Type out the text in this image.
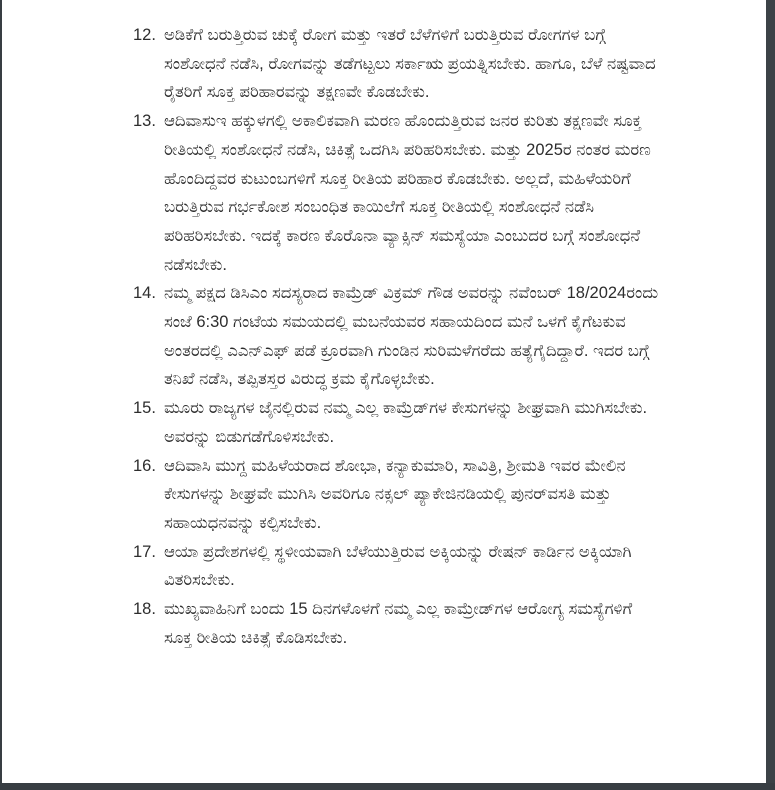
12. ಅಡಿಕೆಗೆ ಬರುತ್ತಿರುವ ಚುಕ್ಕೆ ರೋಗ ಮತ್ತು ಇತರೆ ಬೆಳೆಗಳಿಗೆ ಬರುತ್ತಿರುವ ರೋಗಗಳ ಬಗ್ಗೆ ಸಂಶೋಧನೆ ನಡೆಸಿ, ರೋಗವನ್ನು ತಡೆಗಟ್ಟಲು ಸರ್ಕಾಋ ಪ್ರಯತ್ನಿಸಬೇಕು. ಹಾಗೂ, ಬೆಳೆ ನಷ್ಟವಾದ ರೈತರಿಗೆ ಸೂಕ್ತ ಪರಿಹಾರವನ್ನು ತಕ್ಷಣವೇ ಕೊಡಬೇಕು.
13. ಆದಿವಾಸುಇ ಹಕ್ಕುಳಗಲ್ಲಿ ಅಕಾಲಿಕವಾಗಿ ಮರಣ ಹೊಂದುತ್ತಿರುವ ಜನರ ಕುರಿತು ತಕ್ಷಣವೇ ಸೂಕ್ತ ರೀತಿಯಲ್ಲಿ ಸಂಶೋಧನೆ ನಡೆಸಿ, ಚಿಕಿತ್ಸೆ ಒದಗಿಸಿ ಪರಿಹರಿಸಬೇಕು. ಮತ್ತು 2025ರ ನಂತರ ಮರಣ ಹೊಂದಿದ್ದವರ ಕುಟುಂಬಗಳಿಗೆ ಸೂಕ್ತ ರೀತಿಯ ಪರಿಹಾರ ಕೊಡಬೇಕು. ಅಲ್ಲದೆ, ಮಹಿಳೆಯರಿಗೆ ಬರುತ್ತಿರುವ ಗರ್ಭಕೋಶ ಸಂಬಂಧಿತ ಕಾಯಿಲೆಗೆ ಸೂಕ್ತ ರೀತಿಯಲ್ಲಿ ಸಂಶೋಧನೆ ನಡೆಸಿ ಪರಿಹರಿಸಬೇಕು. ಇದಕ್ಕೆ ಕಾರಣ ಕೊರೊನಾ ವ್ಯಾಕ್ಸಿನ್ ಸಮಸ್ಯೆಯಾ ಎಂಬುದರ ಬಗ್ಗೆ ಸಂಶೋಧನೆ ನಡೆಸಬೇಕು.
14. ನಮ್ಮ ಪಕ್ಷದ ಡಿಸಿಎಂ ಸದಸ್ಯರಾದ ಕಾಮ್ರೆಡ್ ವಿಕ್ರಮ್ ಗೌಡ ಅವರನ್ನು ನವೆಂಬರ್ 18/2024ರಂದು ಸಂಜೆ 6:30 ಗಂಟೆಯ ಸಮಯದಲ್ಲಿ ಮಬನೆಯವರ ಸಹಾಯದಿಂದ ಮನೆ ಒಳಗೆ ಕೈಗೆಟಕುವ ಅಂತರದಲ್ಲಿ ಎಎನ್‌ಎಫ್ ಪಡೆ ಕ್ರೂರವಾಗಿ ಗುಂಡಿನ ಸುರಿಮಳೆಗರೆದು ಹತ್ಯೆಗೈದಿದ್ದಾರೆ. ಇದರ ಬಗ್ಗೆ ತನಿಖೆ ನಡೆಸಿ, ತಪ್ಪಿತಸ್ತರ ವಿರುದ್ಧ ಕ್ರಮ ಕೈಗೊಳ್ಳಬೇಕು.
15. ಮೂರು ರಾಜ್ಯಗಳ ಜೈನಲ್ಲಿರುವ ನಮ್ಮ ಎಲ್ಲ ಕಾಮ್ರೆಡ್‌ಗಳ ಕೇಸುಗಳನ್ನು ಶೀಘ್ರವಾಗಿ ಮುಗಿಸಬೇಕು. ಅವರನ್ನು ಬಿಡುಗಡೆಗೊಳಿಸಬೇಕು.
16. ಆದಿವಾಸಿ ಮುಗ್ದ ಮಹಿಳೆಯರಾದ ಶೋಭಾ, ಕನ್ಯಾಕುಮಾರಿ, ಸಾವಿತ್ರಿ, ಶ್ರೀಮತಿ ಇವರ ಮೇಲಿನ ಕೇಸುಗಳನ್ನು ಶೀಘ್ರವೇ ಮುಗಿಸಿ ಅವರಿಗೂ ನಕ್ಸಲ್ ಪ್ಯಾಕೇಜಿನಡಿಯಲ್ಲಿ ಪುನರ್‌ವಸತಿ ಮತ್ತು ಸಹಾಯಧನವನ್ನು ಕಲ್ಪಿಸಬೇಕು.
17. ಆಯಾ ಪ್ರದೇಶಗಳಲ್ಲಿ ಸ್ಥಳೀಯವಾಗಿ ಬೆಳೆಯುತ್ತಿರುವ ಅಕ್ಕಿಯನ್ನು ರೇಷನ್ ಕಾರ್ಡಿನ ಅಕ್ಕಿಯಾಗಿ ವಿತರಿಸಬೇಕು.
18. ಮುಖ್ಯವಾಹಿನಿಗೆ ಬಂದು 15 ದಿನಗಳೊಳಗೆ ನಮ್ಮ ಎಲ್ಲ ಕಾಮ್ರೇಡ್‌ಗಳ ಆರೋಗ್ಯ ಸಮಸ್ಯೆಗಳಿಗೆ ಸೂಕ್ತ ರೀತಿಯ ಚಿಕಿತ್ಸೆ ಕೊಡಿಸಬೇಕು.
